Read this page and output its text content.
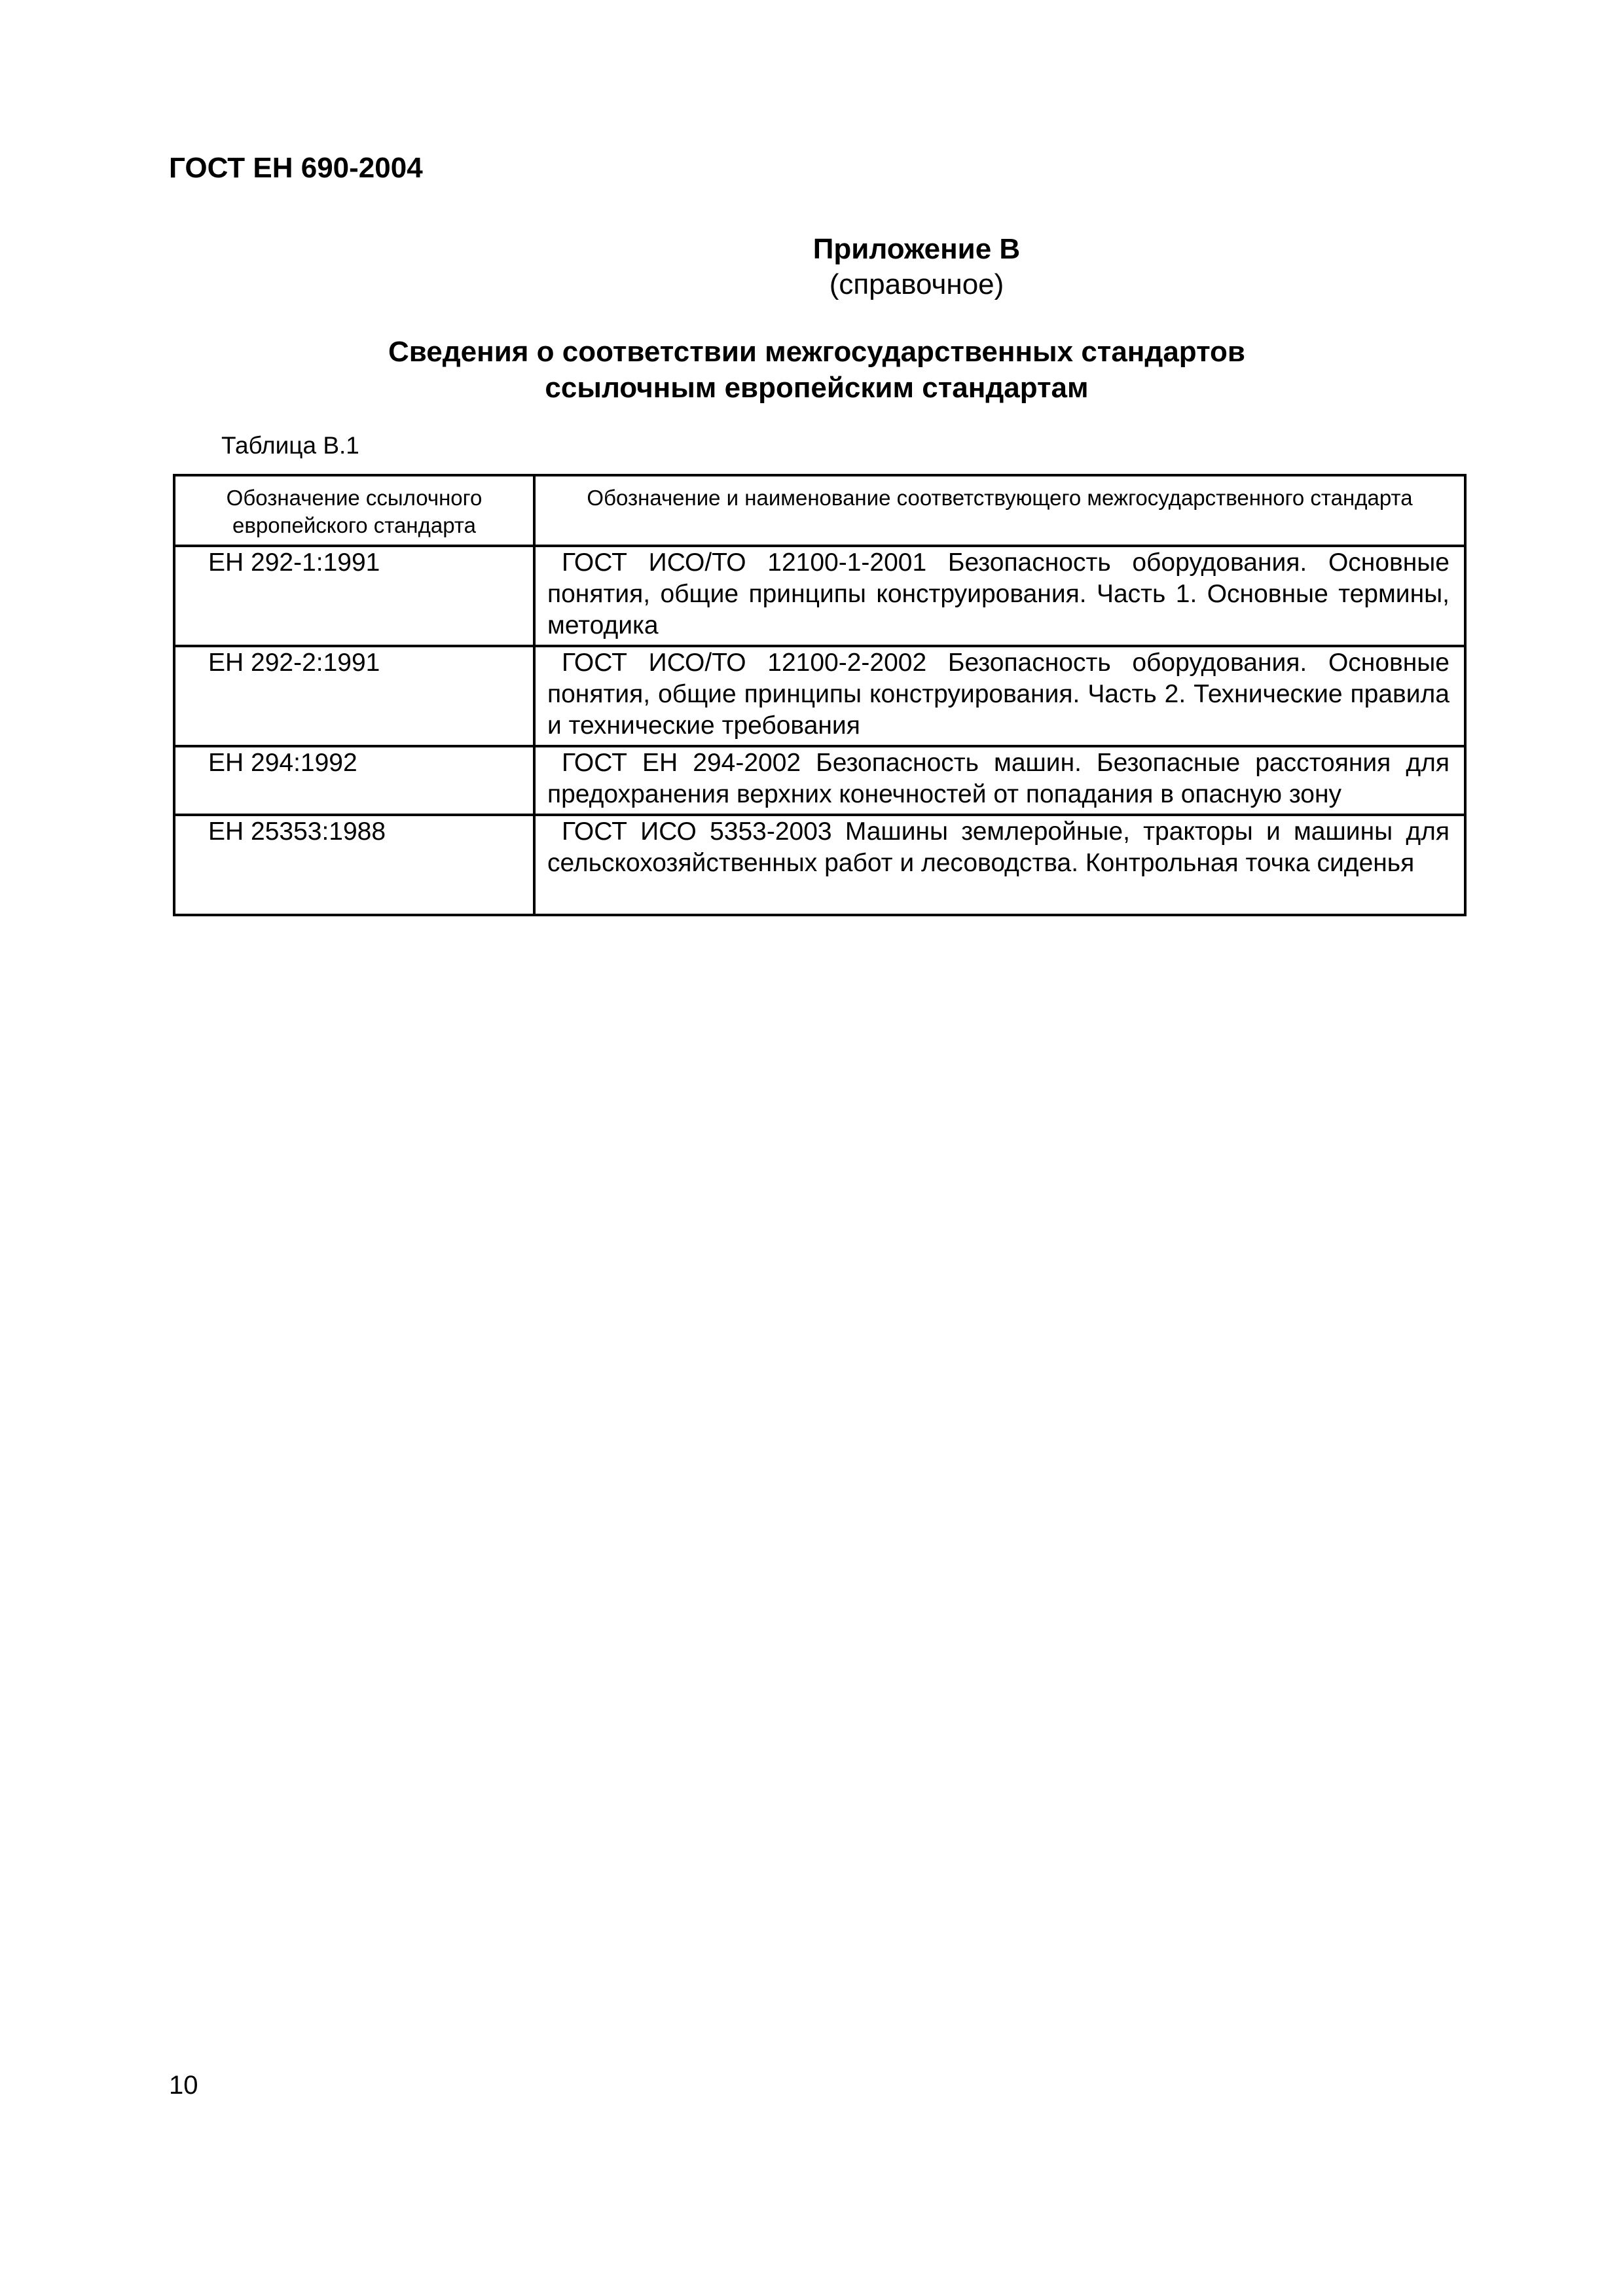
ГОСТ ЕН 690-2004
Приложение В
(справочное)
Сведения о соответствии межгосударственных стандартов
ссылочным европейским стандартам
Таблица В.1
Обозначение ссылочного европейского стандарта	Обозначение и наименование соответствующего межгосударственного стандарта
ЕН 292-1:1991	ГОСТ ИСО/ТО 12100-1-2001 Безопасность оборудования. Основные понятия, общие принципы конструирования. Часть 1. Основные термины, методика
ЕН 292-2:1991	ГОСТ ИСО/ТО 12100-2-2002 Безопасность оборудования. Основные понятия, общие принципы конструирования. Часть 2. Технические правила и технические требования
ЕН 294:1992	ГОСТ ЕН 294-2002 Безопасность машин. Безопасные расстояния для предохранения верхних конечностей от попадания в опасную зону
ЕН 25353:1988	ГОСТ ИСО 5353-2003 Машины землеройные, тракторы и машины для сельскохозяйственных работ и лесоводства. Контрольная точка сиденья
10
